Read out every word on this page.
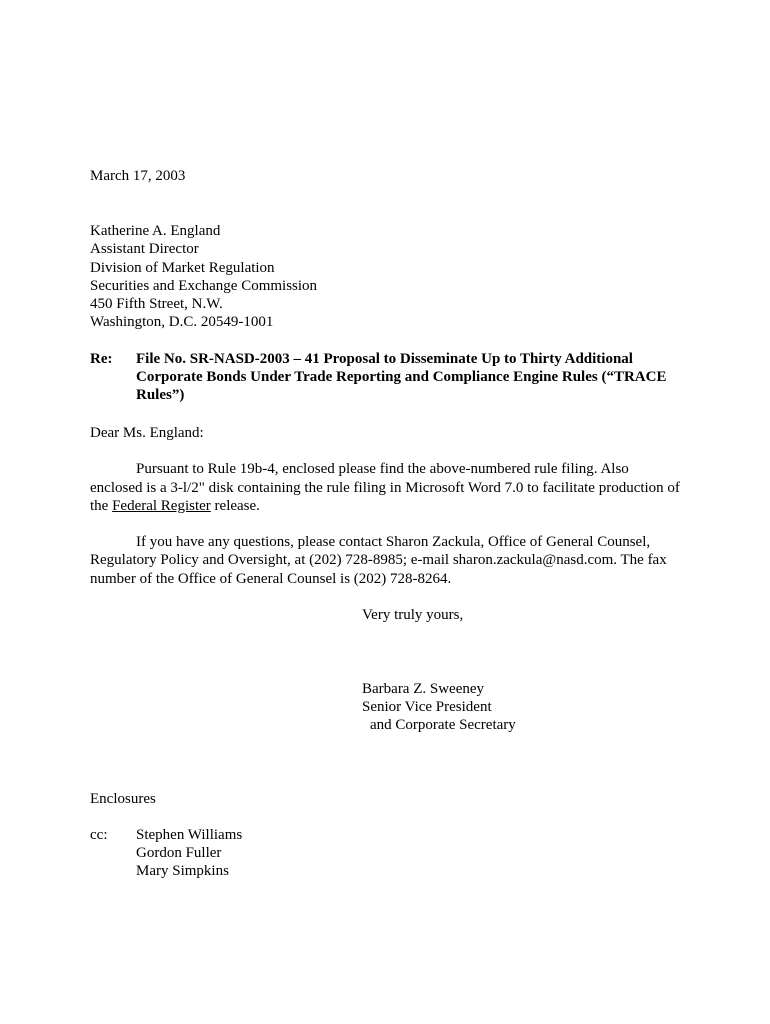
March 17, 2003
Katherine A. England
Assistant Director
Division of Market Regulation
Securities and Exchange Commission
450 Fifth Street, N.W.
Washington, D.C. 20549-1001
Re: File No. SR-NASD-2003 – 41 Proposal to Disseminate Up to Thirty Additional
Corporate Bonds Under Trade Reporting and Compliance Engine Rules (“TRACE
Rules”)
Dear Ms. England:
Pursuant to Rule 19b-4, enclosed please find the above-numbered rule filing. Also
enclosed is a 3-l/2" disk containing the rule filing in Microsoft Word 7.0 to facilitate production of
the Federal Register release.
If you have any questions, please contact Sharon Zackula, Office of General Counsel,
Regulatory Policy and Oversight, at (202) 728-8985; e-mail sharon.zackula@nasd.com. The fax
number of the Office of General Counsel is (202) 728-8264.
Very truly yours,
Barbara Z. Sweeney
Senior Vice President
and Corporate Secretary
Enclosures
cc: Stephen Williams
Gordon Fuller
Mary Simpkins
